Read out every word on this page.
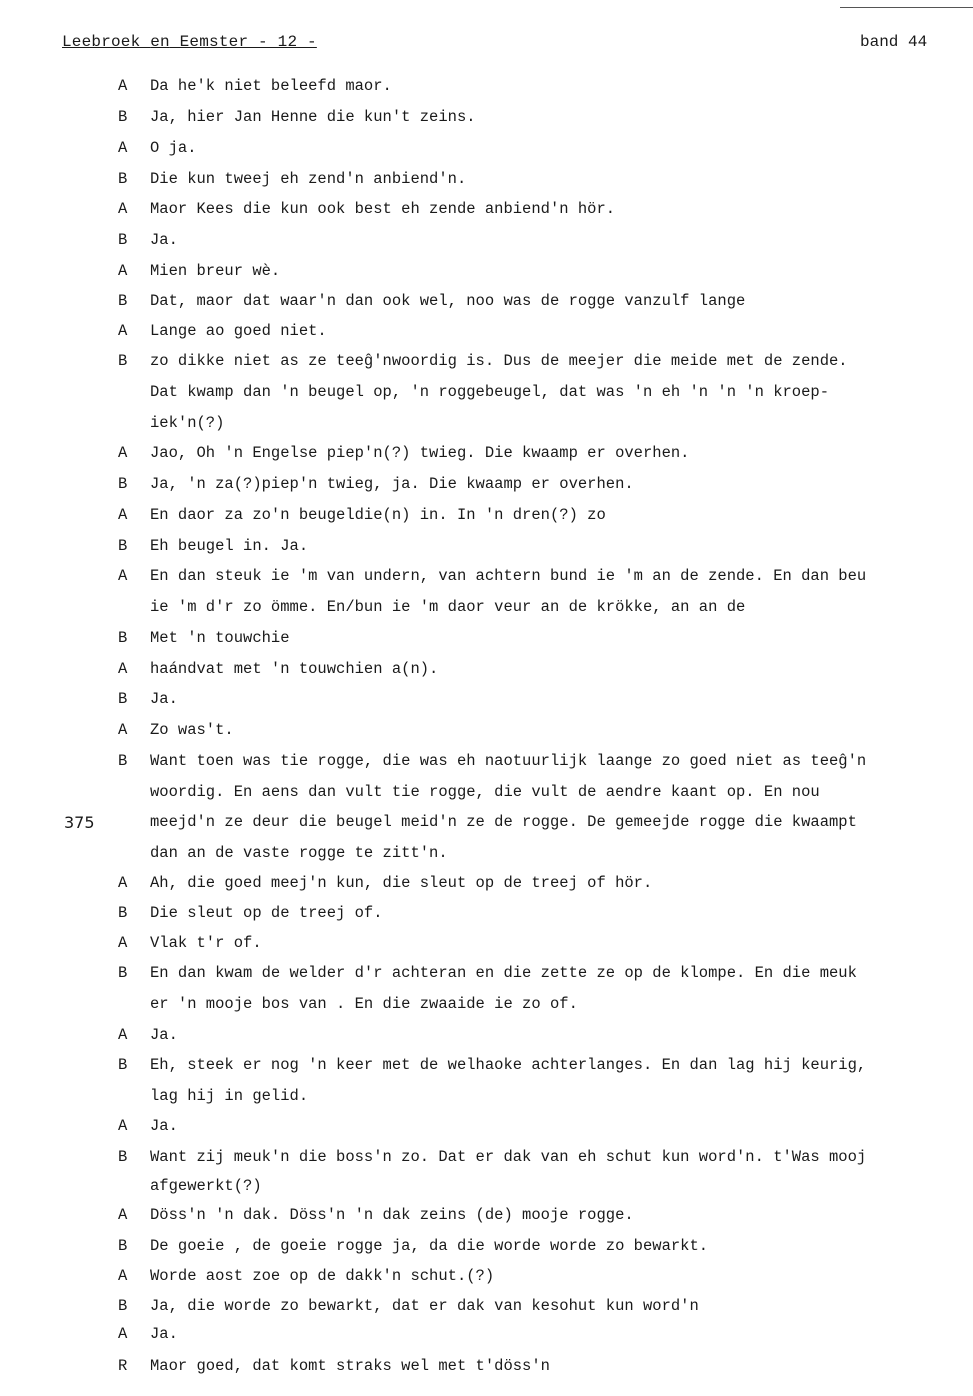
Leebroek en Eemster - 12 -	band 44
A Da he'k niet beleefd maor.
B Ja, hier Jan Henne die kun't zeins.
A O ja.
B Die kun tweej eh zend'n anbiend'n.
A Maor Kees die kun ook best eh zende anbiend'n hör.
B Ja.
A Mien breur wè.
B Dat, maor dat waar'n dan ook wel, noo was de rogge vanzulf lange
A Lange ao goed niet.
B zo dikke niet as ze teeĝ'nwoordig is. Dus de meejer die meide met de zende.
Dat kwamp dan 'n beugel op, 'n roggebeugel, dat was 'n eh 'n 'n 'n kroep-
iek'n(?)
A Jao, Oh 'n Engelse piep'n(?) twieg. Die kwaamp er overhen.
B Ja, 'n za(?)piep'n twieg, ja. Die kwaamp er overhen.
A En daor za zo'n beugeldie(n) in. In 'n dren(?) zo
B Eh beugel in. Ja.
A En dan steuk ie 'm van undern, van achtern bund ie 'm an de zende. En dan beu
ie 'm d'r zo ömme. En/bun ie 'm daor veur an de krökke, an an de
B Met 'n touwchie
A haándvat met 'n touwchien a(n).
B Ja.
A Zo was't.
B Want toen was tie rogge, die was eh naotuurlijk laange zo goed niet as teeĝ'n
woordig. En aens dan vult tie rogge, die vult de aendre kaant op. En nou
375	meejd'n ze deur die beugel meid'n ze de rogge. De gemeejde rogge die kwaampt
dan an de vaste rogge te zitt'n.
A Ah, die goed meej'n kun, die sleut op de treej of hör.
B Die sleut op de treej of.
A Vlak t'r of.
B En dan kwam de welder d'r achteran en die zette ze op de klompe. En die meuk
er 'n mooje bos van . En die zwaaide ie zo of.
A Ja.
B Eh, steek er nog 'n keer met de welhaoke achterlanges. En dan lag hij keurig,
lag hij in gelid.
A Ja.
B Want zij meuk'n die boss'n zo. Dat er dak van eh schut kun word'n. t'Was mooj
afgewerkt(?)
A Döss'n 'n dak. Döss'n 'n dak zeins (de) mooje rogge.
B De goeie , de goeie rogge ja, da die worde worde zo bewarkt.
A Worde aost zoe op de dakk'n schut.(?)
B Ja, die worde zo bewarkt, dat er dak van kesohut kun word'n
A Ja.
R Maor goed, dat komt straks wel met t'döss'n
